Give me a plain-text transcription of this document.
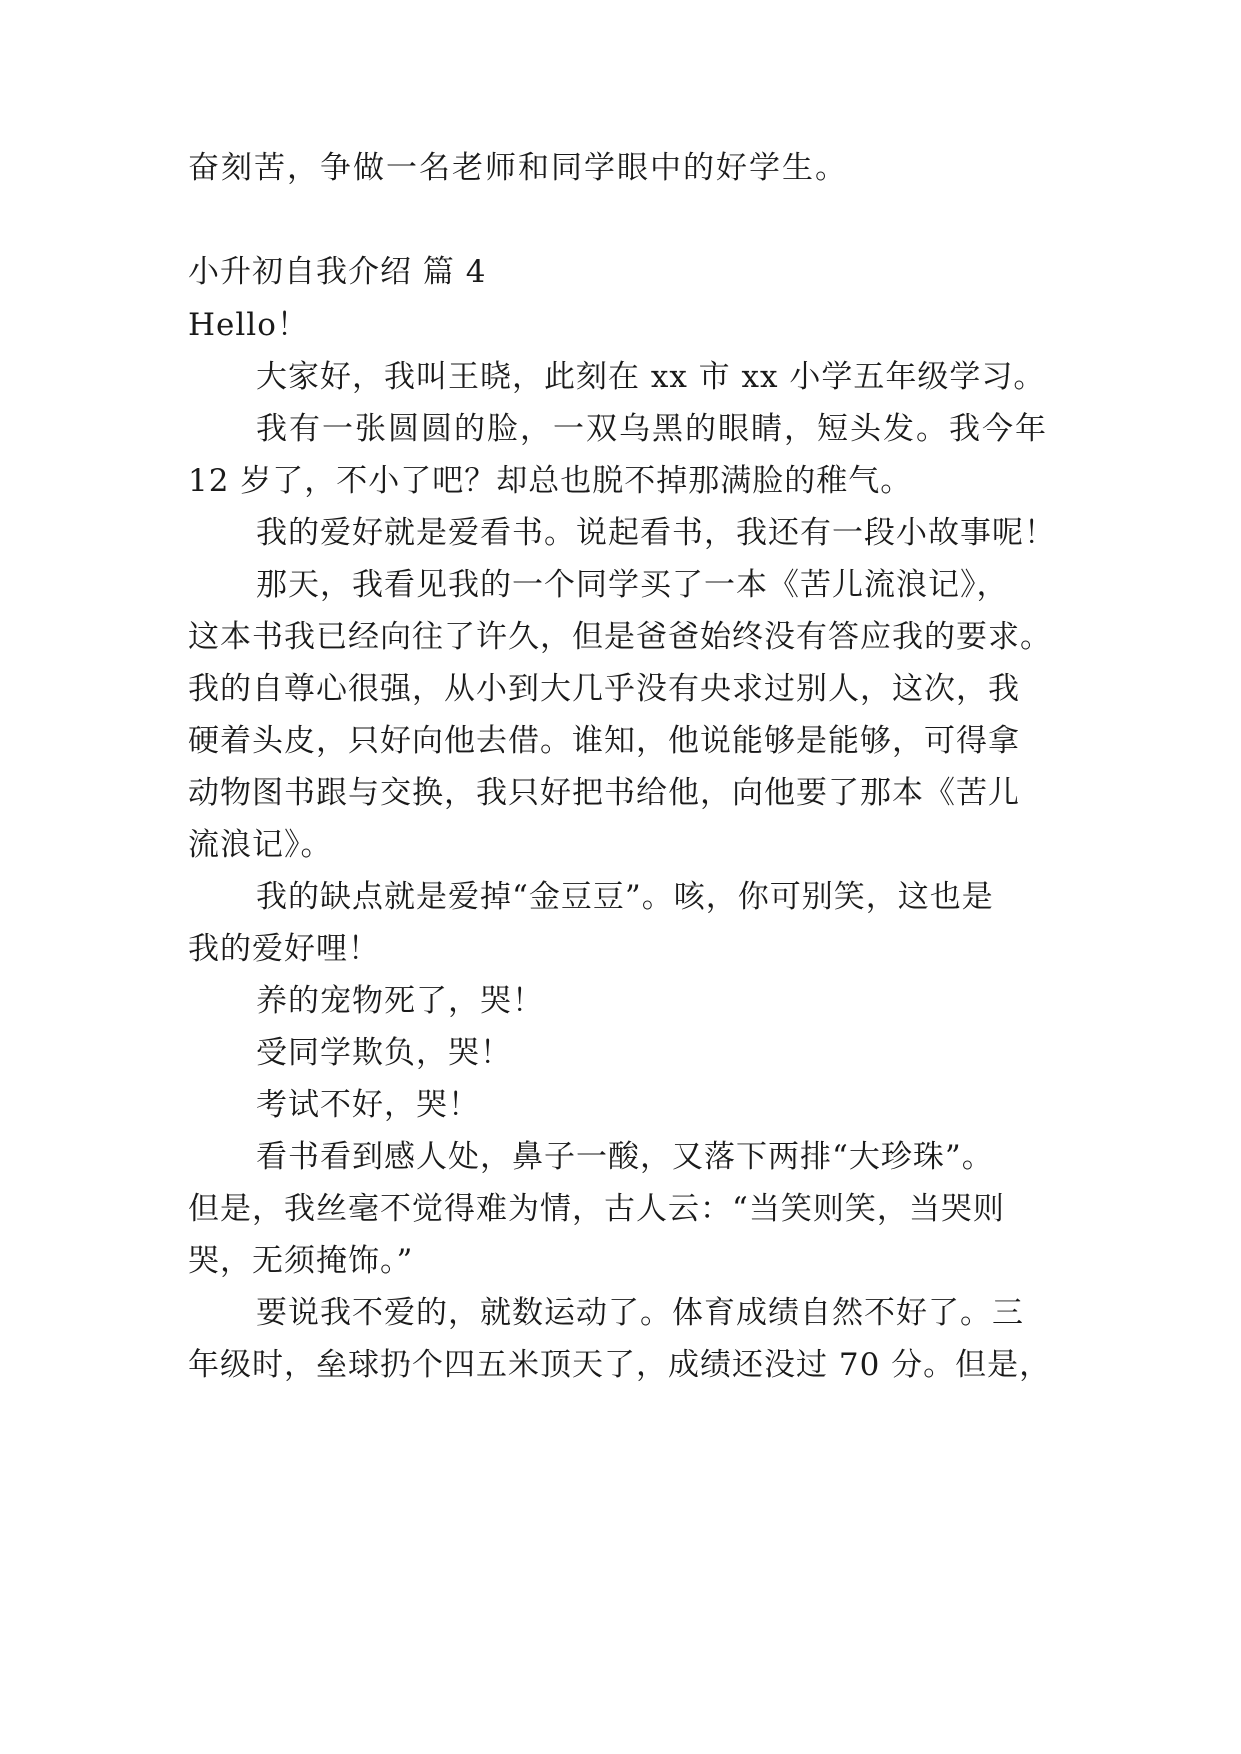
奋刻苦，争做一名老师和同学眼中的好学生。
小升初自我介绍 篇 4
Hello！
大家好，我叫王晓，此刻在 xx 市 xx 小学五年级学习。
我有一张圆圆的脸，一双乌黑的眼睛，短头发。我今年
12 岁了，不小了吧？却总也脱不掉那满脸的稚气。
我的爱好就是爱看书。说起看书，我还有一段小故事呢！
那天，我看见我的一个同学买了一本《苦儿流浪记》，
这本书我已经向往了许久，但是爸爸始终没有答应我的要求。
我的自尊心很强，从小到大几乎没有央求过别人，这次，我
硬着头皮，只好向他去借。谁知，他说能够是能够，可得拿
动物图书跟与交换，我只好把书给他，向他要了那本《苦儿
流浪记》。
我的缺点就是爱掉“金豆豆”。咳，你可别笑，这也是
我的爱好哩！
养的宠物死了，哭！
受同学欺负，哭！
考试不好，哭！
看书看到感人处，鼻子一酸，又落下两排“大珍珠”。
但是，我丝毫不觉得难为情，古人云：“当笑则笑，当哭则
哭，无须掩饰。”
要说我不爱的，就数运动了。体育成绩自然不好了。三
年级时，垒球扔个四五米顶天了，成绩还没过 70 分。但是，
